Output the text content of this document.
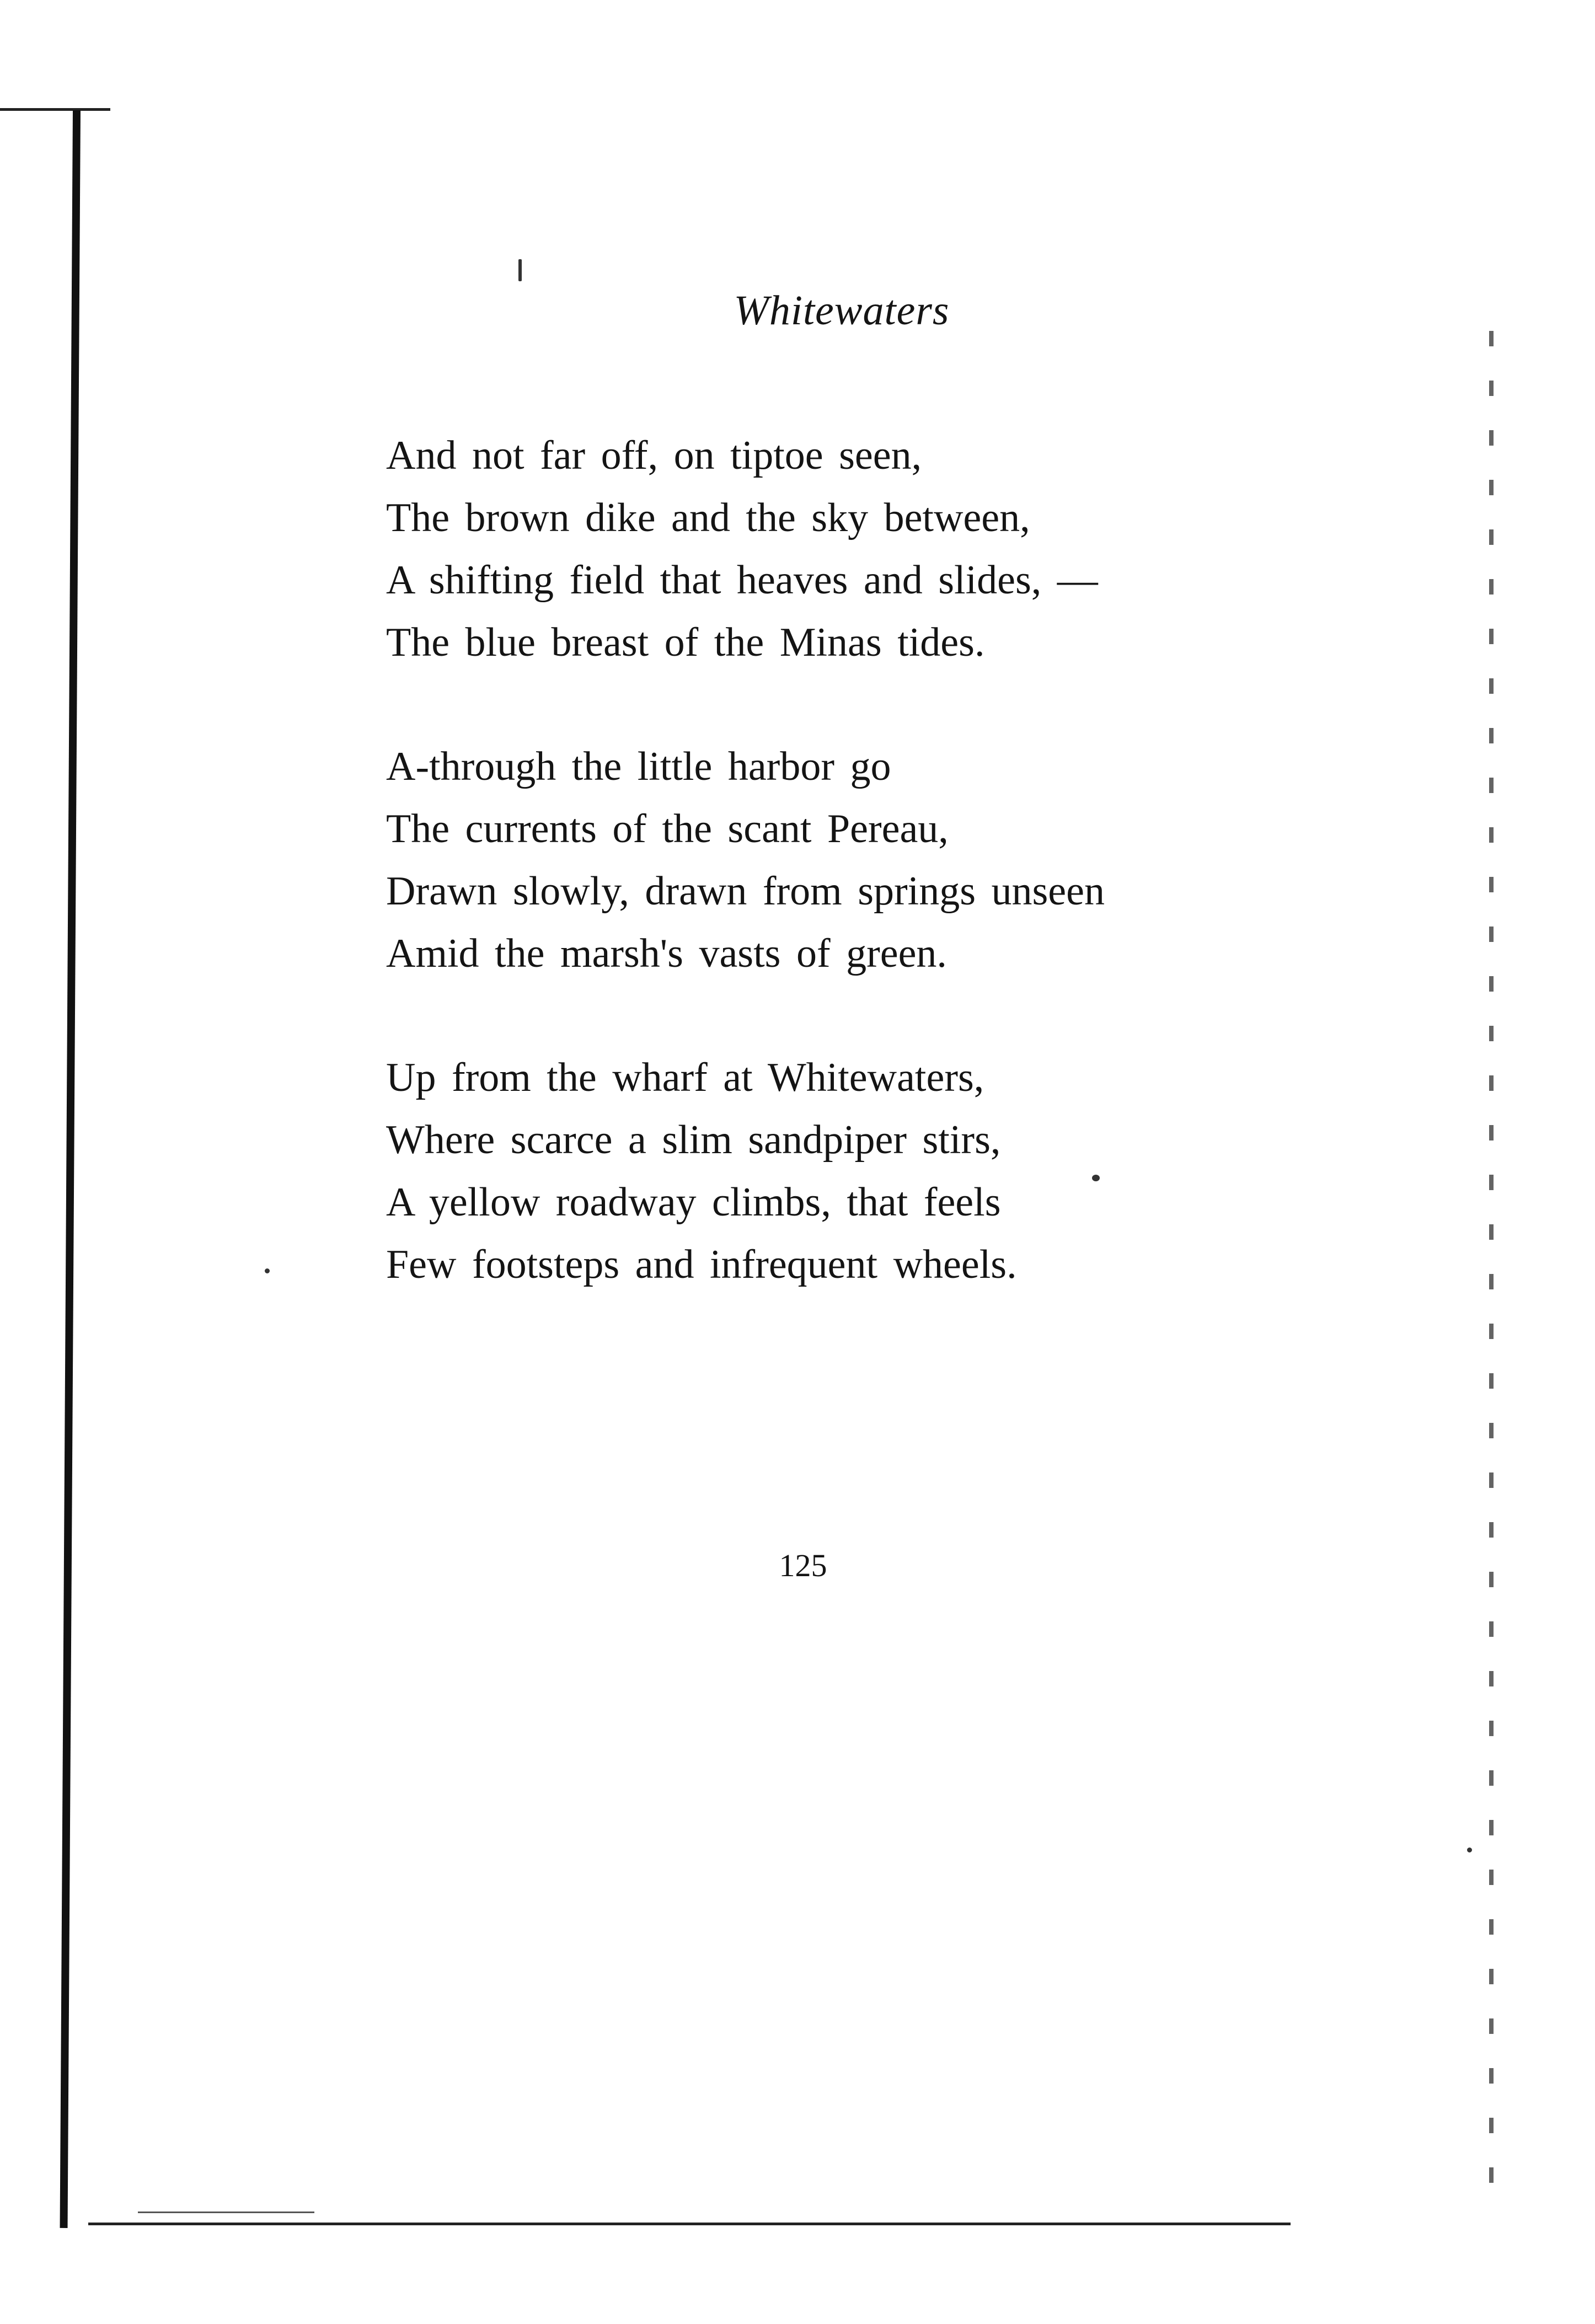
Whitewaters
And not far off, on tiptoe seen,
The brown dike and the sky between,
A shifting field that heaves and slides, —
The blue breast of the Minas tides.
A-through the little harbor go
The currents of the scant Pereau,
Drawn slowly, drawn from springs unseen
Amid the marsh's vasts of green.
Up from the wharf at Whitewaters,
Where scarce a slim sandpiper stirs,
A yellow roadway climbs, that feels
Few footsteps and infrequent wheels.
125
